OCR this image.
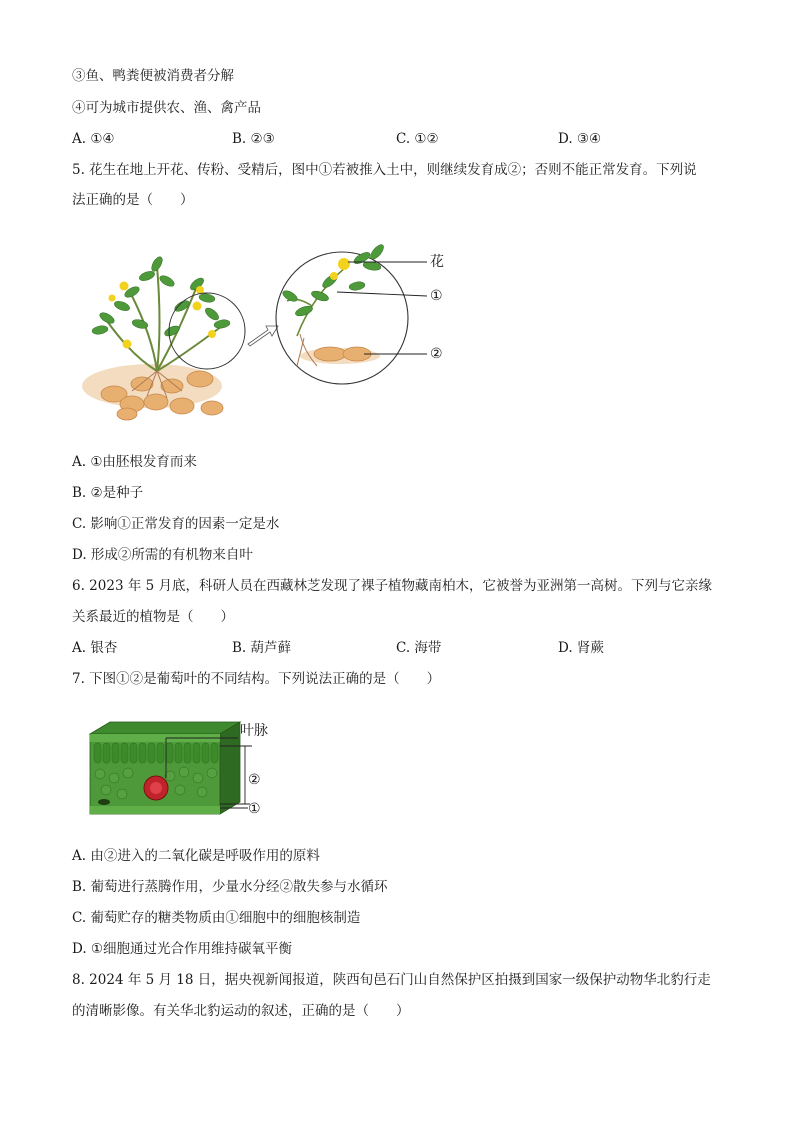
③鱼、鸭粪便被消费者分解
④可为城市提供农、渔、禽产品
A. ①④	B. ②③	C. ①②	D. ③④
5. 花生在地上开花、传粉、受精后，图中①若被推入土中，则继续发育成②；否则不能正常发育。下列说
法正确的是（　　）
花
①
②
A. ①由胚根发育而来
B. ②是种子
C. 影响①正常发育的因素一定是水
D. 形成②所需的有机物来自叶
6. 2023 年 5 月底，科研人员在西藏林芝发现了裸子植物藏南柏木，它被誉为亚洲第一高树。下列与它亲缘
关系最近的植物是（　　）
A. 银杏	B. 葫芦藓	C. 海带	D. 肾蕨
7. 下图①②是葡萄叶的不同结构。下列说法正确的是（　　）
叶脉
②
①
A. 由②进入的二氧化碳是呼吸作用的原料
B. 葡萄进行蒸腾作用，少量水分经②散失参与水循环
C. 葡萄贮存的糖类物质由①细胞中的细胞核制造
D. ①细胞通过光合作用维持碳氧平衡
8. 2024 年 5 月 18 日，据央视新闻报道，陕西旬邑石门山自然保护区拍摄到国家一级保护动物华北豹行走
的清晰影像。有关华北豹运动的叙述，正确的是（　　）
